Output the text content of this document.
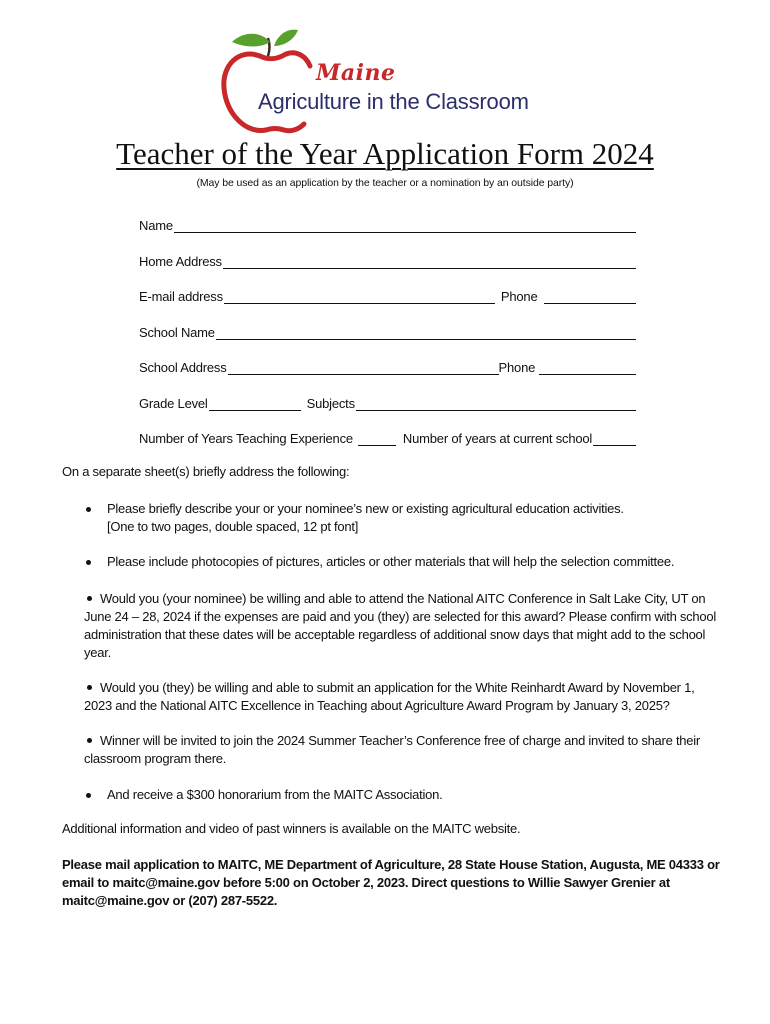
Maine
Agriculture in the Classroom
Teacher of the Year Application Form 2024
(May be used as an application by the teacher or a nomination by an outside party)
Name
Home Address
E-mail address	Phone
School Name
School Address	Phone
Grade Level	Subjects
Number of Years Teaching Experience	Number of years at current school
On a separate sheet(s) briefly address the following:
Please briefly describe your or your nominee’s new or existing agricultural education activities.
[One to two pages, double spaced, 12 pt font]
Please include photocopies of pictures, articles or other materials that will help the selection committee.
Would you (your nominee) be willing and able to attend the National AITC Conference in Salt Lake City, UT on June 24 – 28, 2024 if the expenses are paid and you (they) are selected for this award? Please confirm with school administration that these dates will be acceptable regardless of additional snow days that might add to the school year.
Would you (they) be willing and able to submit an application for the White Reinhardt Award by November 1, 2023 and the National AITC Excellence in Teaching about Agriculture Award Program by January 3, 2025?
Winner will be invited to join the 2024 Summer Teacher’s Conference free of charge and invited to share their classroom program there.
And receive a $300 honorarium from the MAITC Association.
Additional information and video of past winners is available on the MAITC website.
Please mail application to MAITC, ME Department of Agriculture, 28 State House Station, Augusta, ME 04333 or email to maitc@maine.gov before 5:00 on October 2, 2023. Direct questions to Willie Sawyer Grenier at maitc@maine.gov or (207) 287-5522.
